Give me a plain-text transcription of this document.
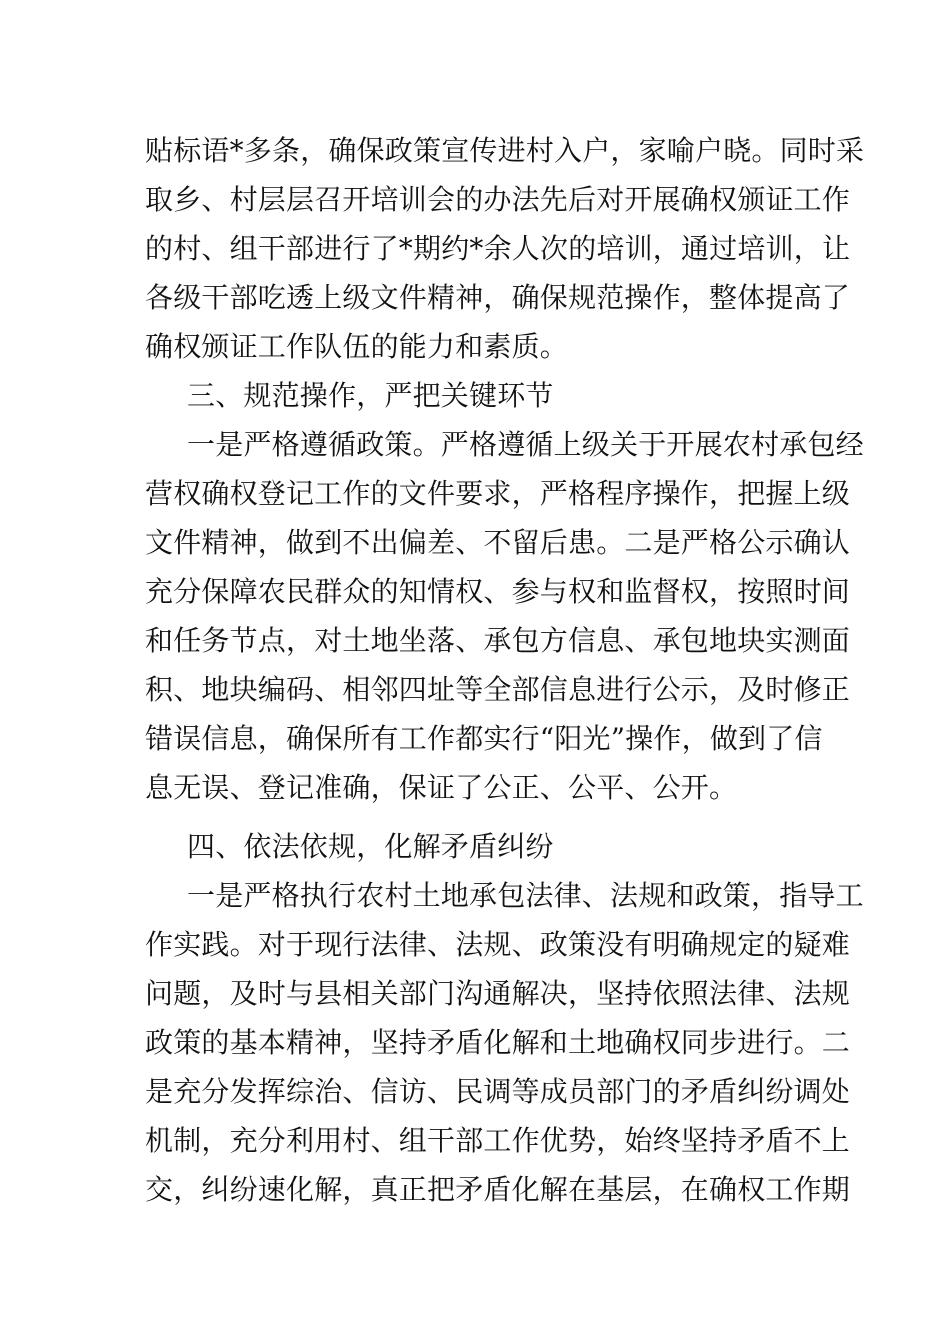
贴标语*多条，确保政策宣传进村入户，家喻户晓。同时采
取乡、村层层召开培训会的办法先后对开展确权颁证工作
的村、组干部进行了*期约*余人次的培训，通过培训，让
各级干部吃透上级文件精神，确保规范操作，整体提高了
确权颁证工作队伍的能力和素质。
三、规范操作，严把关键环节
一是严格遵循政策。严格遵循上级关于开展农村承包经
营权确权登记工作的文件要求，严格程序操作，把握上级
文件精神，做到不出偏差、不留后患。二是严格公示确认
充分保障农民群众的知情权、参与权和监督权，按照时间
和任务节点，对土地坐落、承包方信息、承包地块实测面
积、地块编码、相邻四址等全部信息进行公示，及时修正
错误信息，确保所有工作都实行“阳光”操作，做到了信
息无误、登记准确，保证了公正、公平、公开。
四、依法依规，化解矛盾纠纷
一是严格执行农村土地承包法律、法规和政策，指导工
作实践。对于现行法律、法规、政策没有明确规定的疑难
问题，及时与县相关部门沟通解决，坚持依照法律、法规
政策的基本精神，坚持矛盾化解和土地确权同步进行。二
是充分发挥综治、信访、民调等成员部门的矛盾纠纷调处
机制，充分利用村、组干部工作优势，始终坚持矛盾不上
交，纠纷速化解，真正把矛盾化解在基层，在确权工作期
